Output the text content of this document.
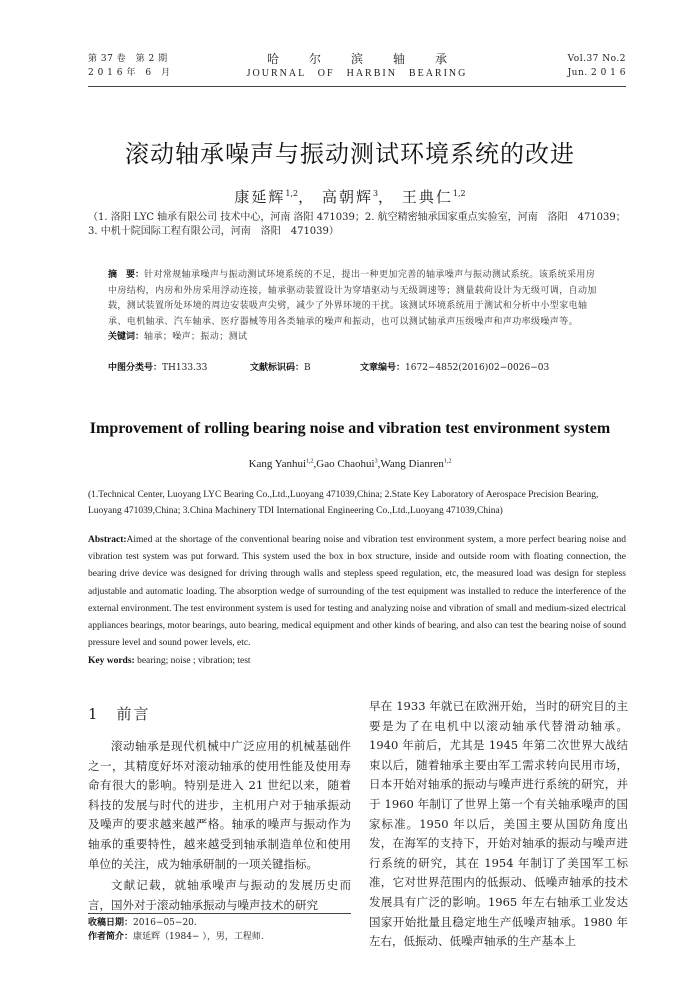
第 37 卷　第 2 期
2 0 1 6 年　6　月
哈尔滨轴承
JOURNAL　OF　HARBIN　BEARING
Vol.37 No.2
Jun. 2 0 1 6
滚动轴承噪声与振动测试环境系统的改进
康延辉$^{1,2}$， 高朝辉$^3$， 王典仁$^{1,2}$
（1. 洛阳 LYC 轴承有限公司 技术中心，河南 洛阳 471039；2. 航空精密轴承国家重点实验室，河南　洛阳　471039；3. 中机十院国际工程有限公司，河南　洛阳　471039）

摘　要：针对常规轴承噪声与振动测试环境系统的不足，提出一种更加完善的轴承噪声与振动测试系统。该系统采用房中房结构，内房和外房采用浮动连接，轴承驱动装置设计为穿墙驱动与无级调速等；测量载荷设计为无级可调，自动加载，测试装置所处环境的周边安装吸声尖劈，减少了外界环境的干扰。该测试环境系统用于测试和分析中小型家电轴承、电机轴承、汽车轴承、医疗器械等用各类轴承的噪声和振动，也可以测试轴承声压级噪声和声功率级噪声等。

关键词：轴承；噪声；振动；测试

中图分类号：TH133.33	文献标识码：B	文章编号：1672−4852(2016)02−0026−03
Improvement of rolling bearing noise and vibration test environment system
Kang Yanhui$^{1,2}$,Gao Chaohui$^3$,Wang Dianren$^{1,2}$
(1.Technical Center, Luoyang LYC Bearing Co.,Ltd.,Luoyang 471039,China; 2.State Key Laboratory of Aerospace Precision Bearing, Luoyang 471039,China; 3.China Machinery TDI International Engineering Co.,Ltd.,Luoyang 471039,China)
Abstract:Aimed at the shortage of the conventional bearing noise and vibration test environment system, a more perfect bearing noise and vibration test system was put forward. This system used the box in box structure, inside and outside room with floating connection, the bearing drive device was designed for driving through walls and stepless speed regulation, etc, the measured load was design for stepless adjustable and automatic loading. The absorption wedge of surrounding of the test equipment was installed to reduce the interference of the external environment. The test environment system is used for testing and analyzing noise and vibration of small and medium-sized electrical appliances bearings, motor bearings, auto bearing, medical equipment and other kinds of bearing, and also can test the bearing noise of sound pressure level and sound power levels, etc.
Key words: bearing; noise ; vibration; test
1　前言

滚动轴承是现代机械中广泛应用的机械基础件之一，其精度好坏对滚动轴承的使用性能及使用寿命有很大的影响。特别是进入 21 世纪以来，随着科技的发展与时代的进步，主机用户对于轴承振动及噪声的要求越来越严格。轴承的噪声与振动作为轴承的重要特性，越来越受到轴承制造单位和使用单位的关注，成为轴承研制的一项关键指标。

文献记载，就轴承噪声与振动的发展历史而言，国外对于滚动轴承振动与噪声技术的研究

早在 1933 年就已在欧洲开始，当时的研究目的主要是为了在电机中以滚动轴承代替滑动轴承。1940 年前后，尤其是 1945 年第二次世界大战结束以后，随着轴承主要由军工需求转向民用市场，日本开始对轴承的振动与噪声进行系统的研究，并于 1960 年制订了世界上第一个有关轴承噪声的国家标准。1950 年以后，美国主要从国防角度出发，在海军的支持下，开始对轴承的振动与噪声进行系统的研究，其在 1954 年制订了美国军工标准，它对世界范围内的低振动、低噪声轴承的技术发展具有广泛的影响。1965 年左右轴承工业发达国家开始批量且稳定地生产低噪声轴承。1980 年左右，低振动、低噪声轴承的生产基本上

收稿日期：2016−05−20.
作者简介：康延辉（1984− ），男，工程师.
